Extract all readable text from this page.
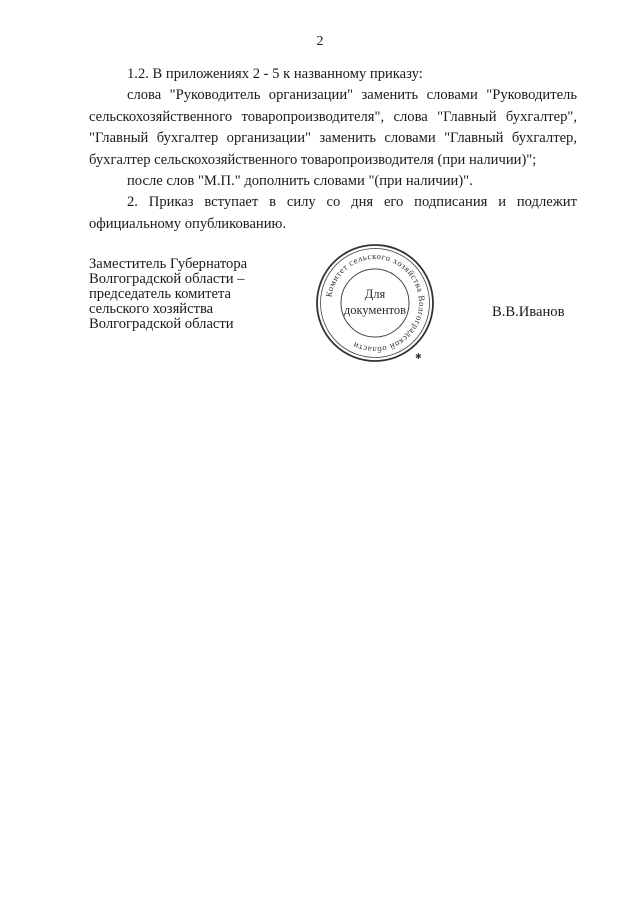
2

1.2. В приложениях 2 - 5 к названному приказу:

слова "Руководитель организации" заменить словами "Руководитель сельскохозяйственного товаропроизводителя", слова "Главный бухгалтер", "Главный бухгалтер организации" заменить словами "Главный бухгалтер, бухгалтер сельскохозяйственного товаропроизводителя (при наличии)";

после слов "М.П." дополнить словами "(при наличии)".

2. Приказ вступает в силу со дня его подписания и подлежит официальному опубликованию.

Заместитель Губернатора
Волгоградской области –
председатель комитета
сельского хозяйства
Волгоградской области
Комитет сельского хозяйства Волгоградской области
✱
Для
документов	В.В.Иванов
